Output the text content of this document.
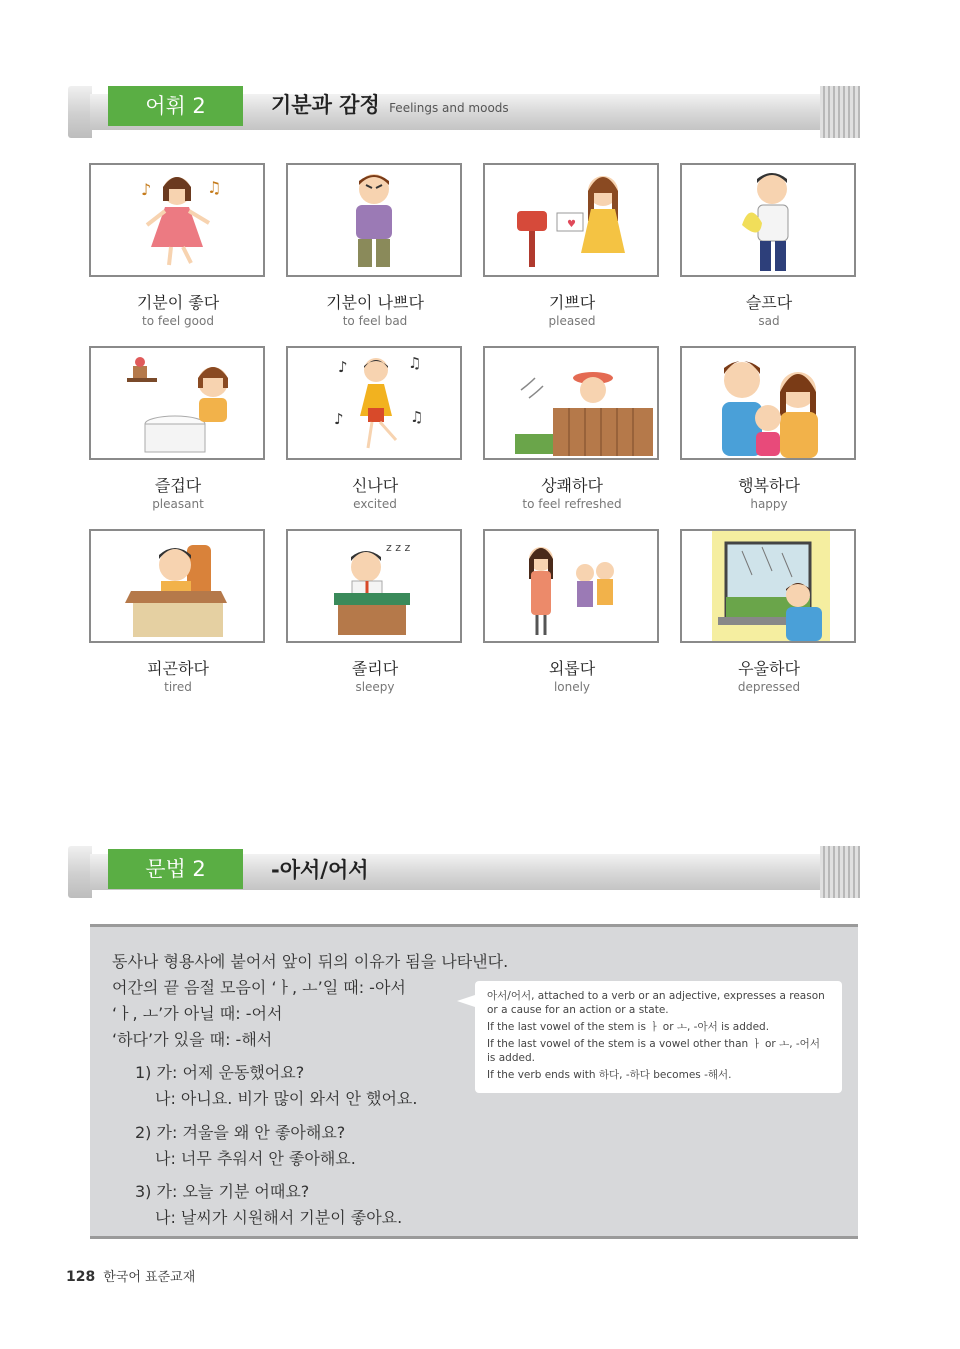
어휘 2	기분과 감정 Feelings and moods
♪	♫
♥
기분이 좋다
to feel good
기분이 나쁘다
to feel bad
기쁘다
pleased
슬프다
sad
♪	♫
♪	♫
즐겁다
pleasant
신나다
excited
상쾌하다
to feel refreshed
행복하다
happy
z z z
피곤하다
tired
졸리다
sleepy
외롭다
lonely
우울하다
depressed
문법 2	-아서/어서
동사나 형용사에 붙어서 앞이 뒤의 이유가 됨을 나타낸다.
어간의 끝 음절 모음이 ‘ㅏ, ㅗ’일 때: -아서
‘ㅏ, ㅗ’가 아닐 때: -어서
‘하다’가 있을 때: -해서
1) 가: 어제 운동했어요?
나: 아니요. 비가 많이 와서 안 했어요.
2) 가: 겨울을 왜 안 좋아해요?
나: 너무 추워서 안 좋아해요.
3) 가: 오늘 기분 어때요?
나: 날씨가 시원해서 기분이 좋아요.

아서/어서, attached to a verb or an adjective, expresses a reason or a cause for an action or a state.

If the last vowel of the stem is ㅏ or ㅗ, -아서 is added.

If the last vowel of the stem is a vowel other than ㅏ or ㅗ, -어서 is added.

If the verb ends with 하다, -하다 becomes -해서.

128 한국어 표준교재
